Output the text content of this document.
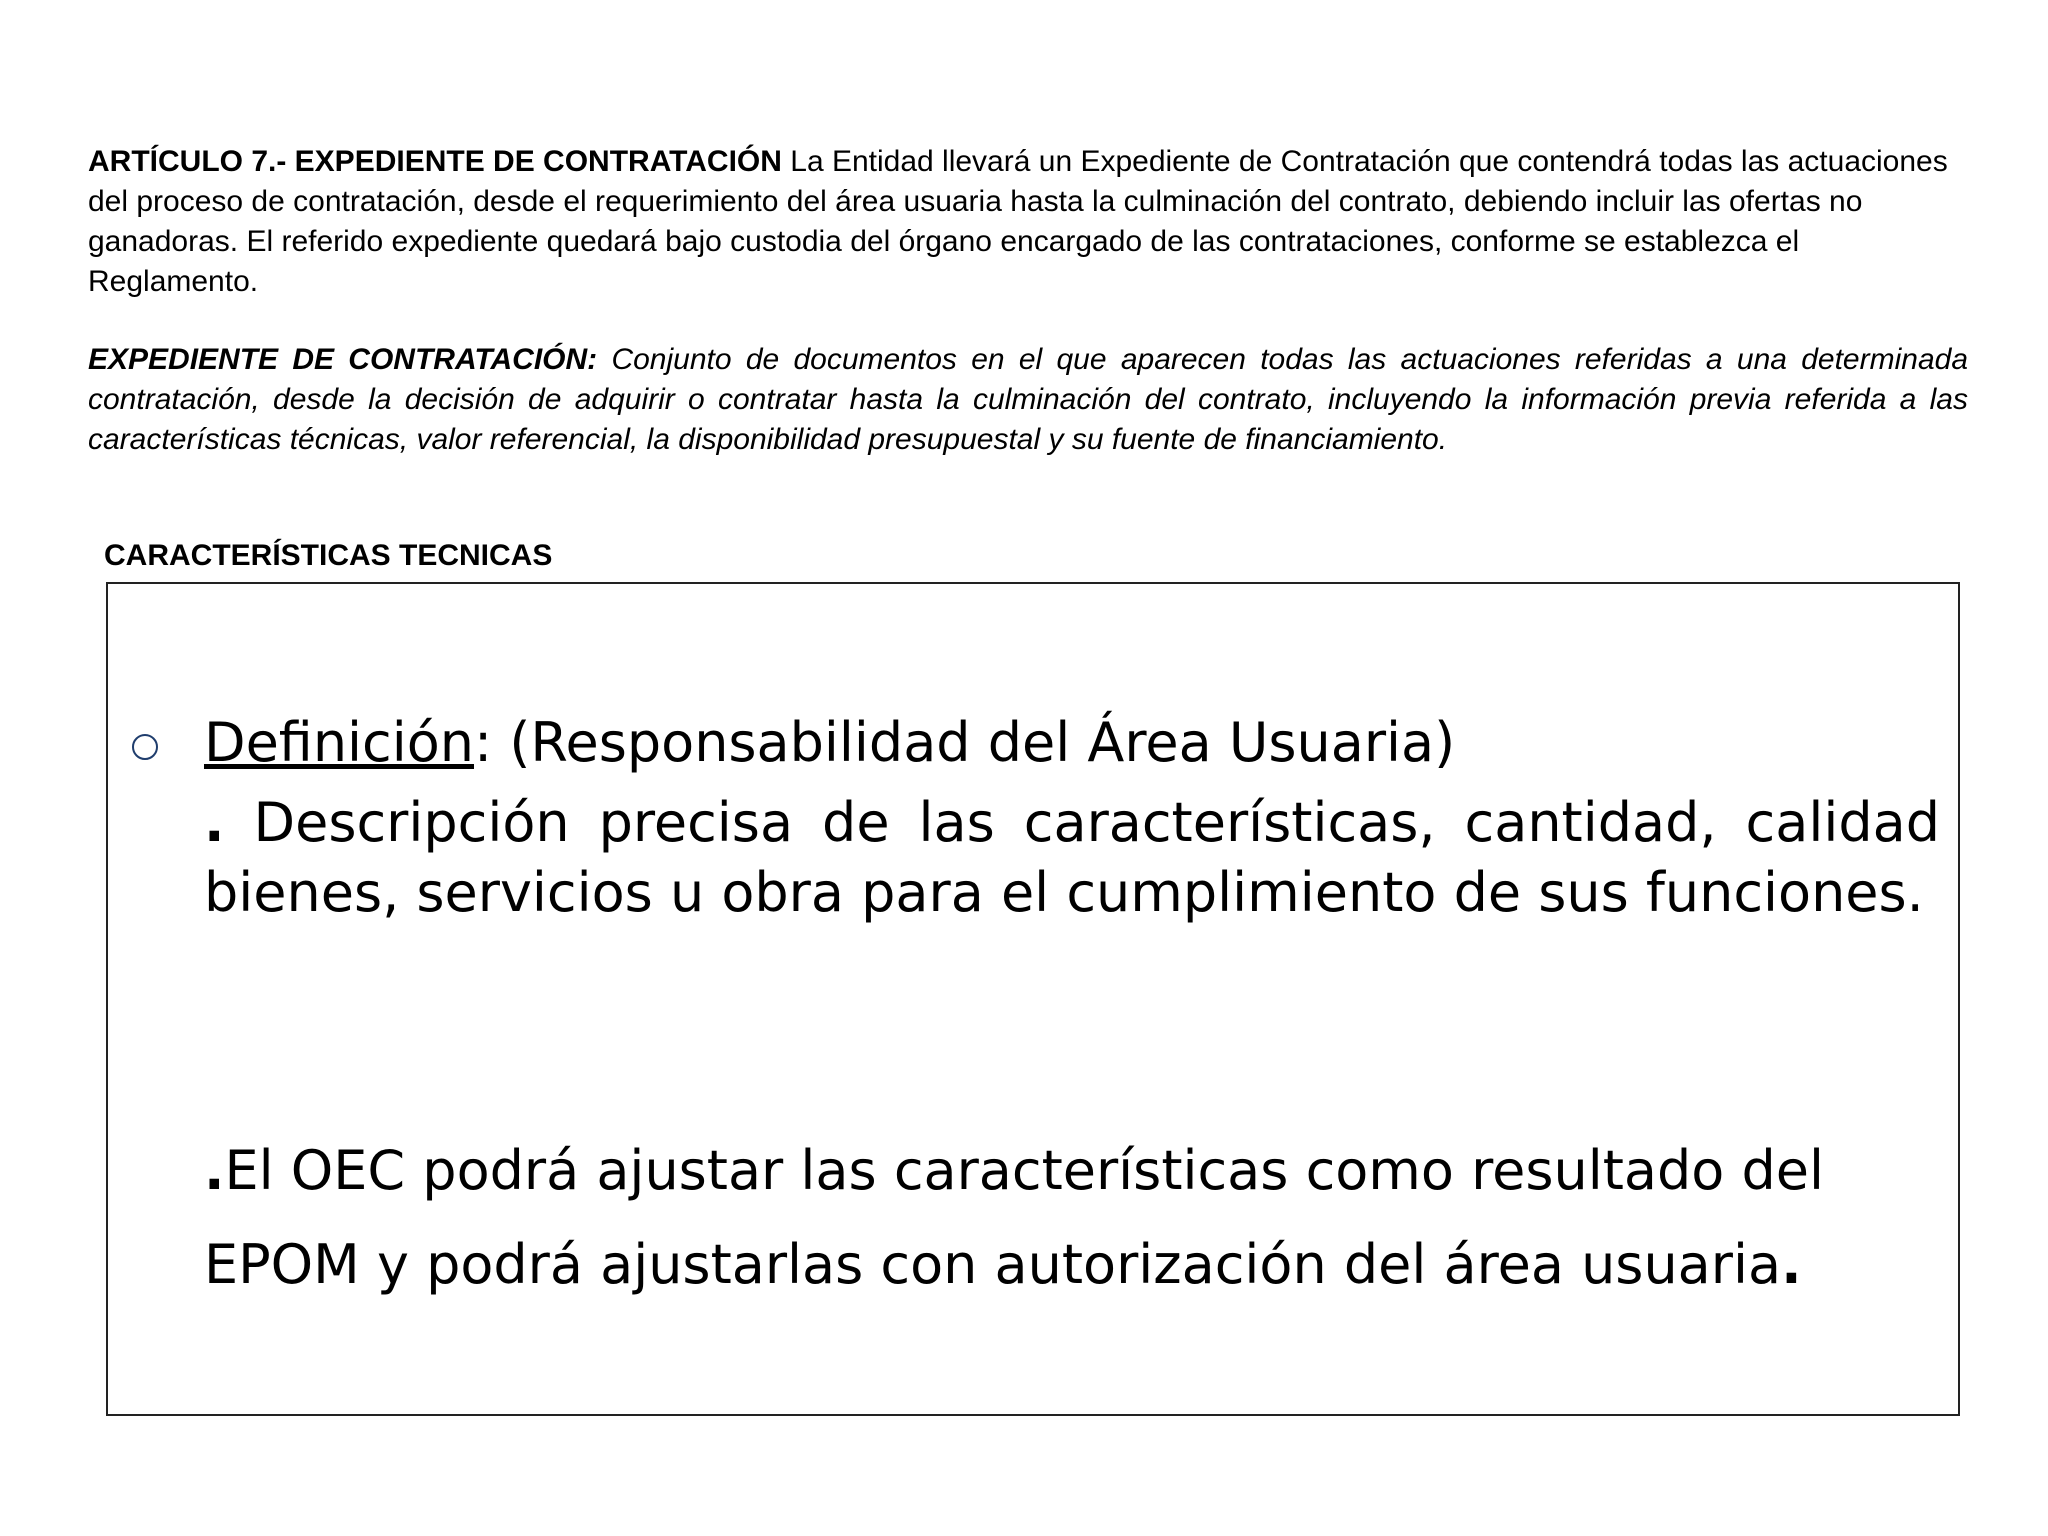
ARTÍCULO 7.- EXPEDIENTE DE CONTRATACIÓN La Entidad llevará un Expediente de Contratación que contendrá todas las actuaciones del proceso de contratación, desde el requerimiento del área usuaria hasta la culminación del contrato, debiendo incluir las ofertas no ganadoras. El referido expediente quedará bajo custodia del órgano encargado de las contrataciones, conforme se establezca el Reglamento.

EXPEDIENTE DE CONTRATACIÓN: Conjunto de documentos en el que aparecen todas las actuaciones referidas a una determinada contratación, desde la decisión de adquirir o contratar hasta la culminación del contrato, incluyendo la información previa referida a las características técnicas, valor referencial, la disponibilidad presupuestal y su fuente de financiamiento.

CARACTERÍSTICAS TECNICAS

Definición: (Responsabilidad del Área Usuaria)
. Descripción precisa de las características, cantidad, calidad bienes, servicios u obra para el cumplimiento de sus funciones.
.El OEC podrá ajustar las características como resultado del EPOM y podrá ajustarlas con autorización del área usuaria.
